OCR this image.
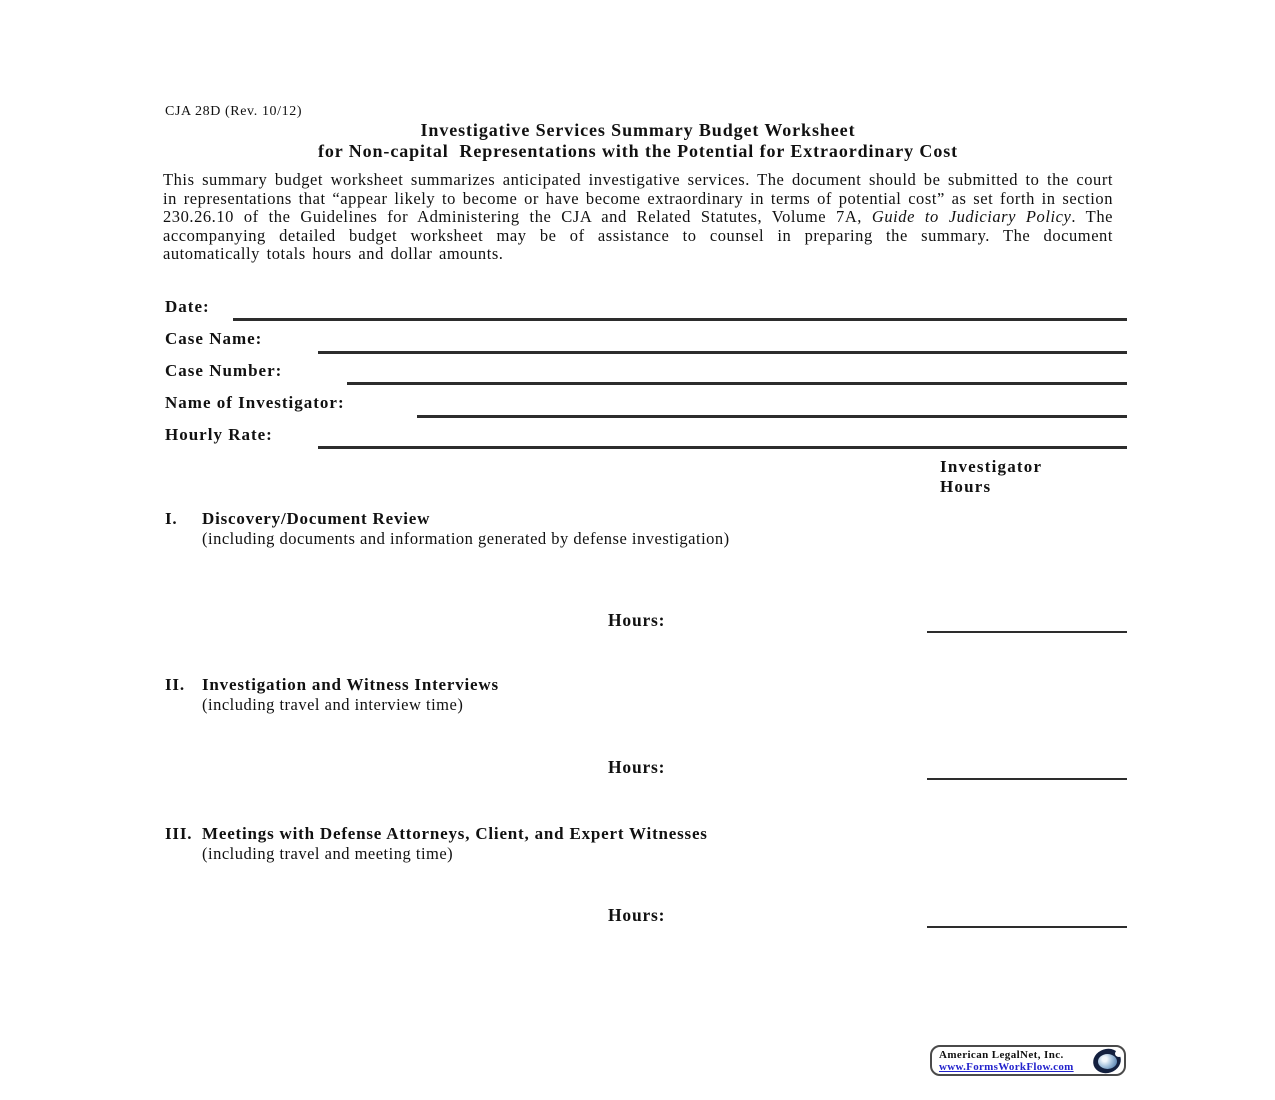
CJA 28D (Rev. 10/12)
Investigative Services Summary Budget Worksheet
for Non-capital  Representations with the Potential for Extraordinary Cost

This summary budget worksheet summarizes anticipated investigative services. The document should be submitted to the court in representations that “appear likely to become or have become extraordinary in terms of potential cost” as set forth in section 230.26.10 of the Guidelines for Administering the CJA and Related Statutes, Volume 7A, Guide to Judiciary Policy. The accompanying detailed budget worksheet may be of assistance to counsel in preparing the summary. The document automatically totals hours and dollar amounts.

Date:
Case Name:
Case Number:
Name of Investigator:
Hourly Rate:
Investigator
Hours
I.	Discovery/Document Review
(including documents and information generated by defense investigation)
Hours:
II.	Investigation and Witness Interviews
(including travel and interview time)
Hours:
III. Meetings with Defense Attorneys, Client, and Expert Witnesses
(including travel and meeting time)
Hours:
American LegalNet, Inc.
www.FormsWorkFlow.com
